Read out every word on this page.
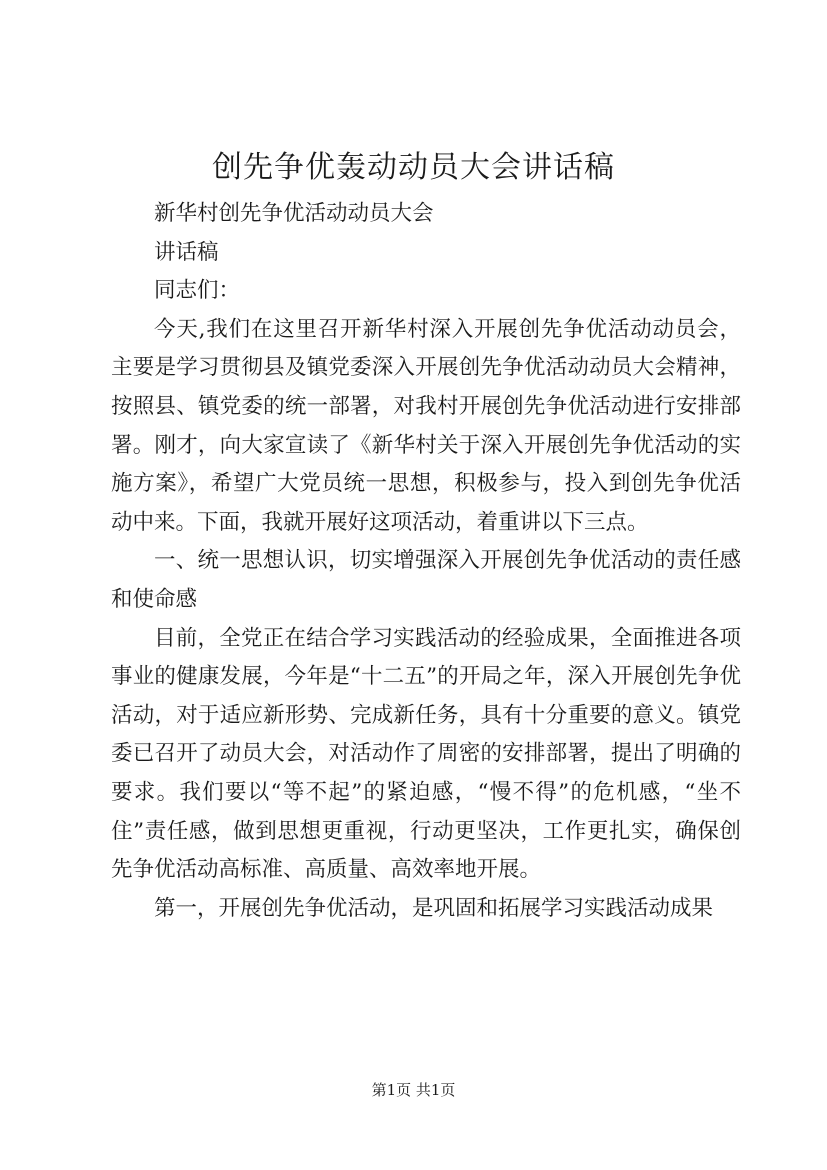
创先争优轰动动员大会讲话稿

新华村创先争优活动动员大会

讲话稿

同志们：

今天,我们在这里召开新华村深入开展创先争优活动动员会，主要是学习贯彻县及镇党委深入开展创先争优活动动员大会精神，按照县、镇党委的统一部署，对我村开展创先争优活动进行安排部署。刚才，向大家宣读了《新华村关于深入开展创先争优活动的实施方案》，希望广大党员统一思想，积极参与，投入到创先争优活动中来。下面，我就开展好这项活动，着重讲以下三点。

一、统一思想认识，切实增强深入开展创先争优活动的责任感和使命感

目前，全党正在结合学习实践活动的经验成果，全面推进各项事业的健康发展，今年是“十二五”的开局之年，深入开展创先争优活动，对于适应新形势、完成新任务，具有十分重要的意义。镇党委已召开了动员大会，对活动作了周密的安排部署，提出了明确的要求。我们要以“等不起”的紧迫感，“慢不得”的危机感，“坐不住”责任感，做到思想更重视，行动更坚决，工作更扎实，确保创先争优活动高标准、高质量、高效率地开展。

第一，开展创先争优活动，是巩固和拓展学习实践活动成果

第1页 共1页
